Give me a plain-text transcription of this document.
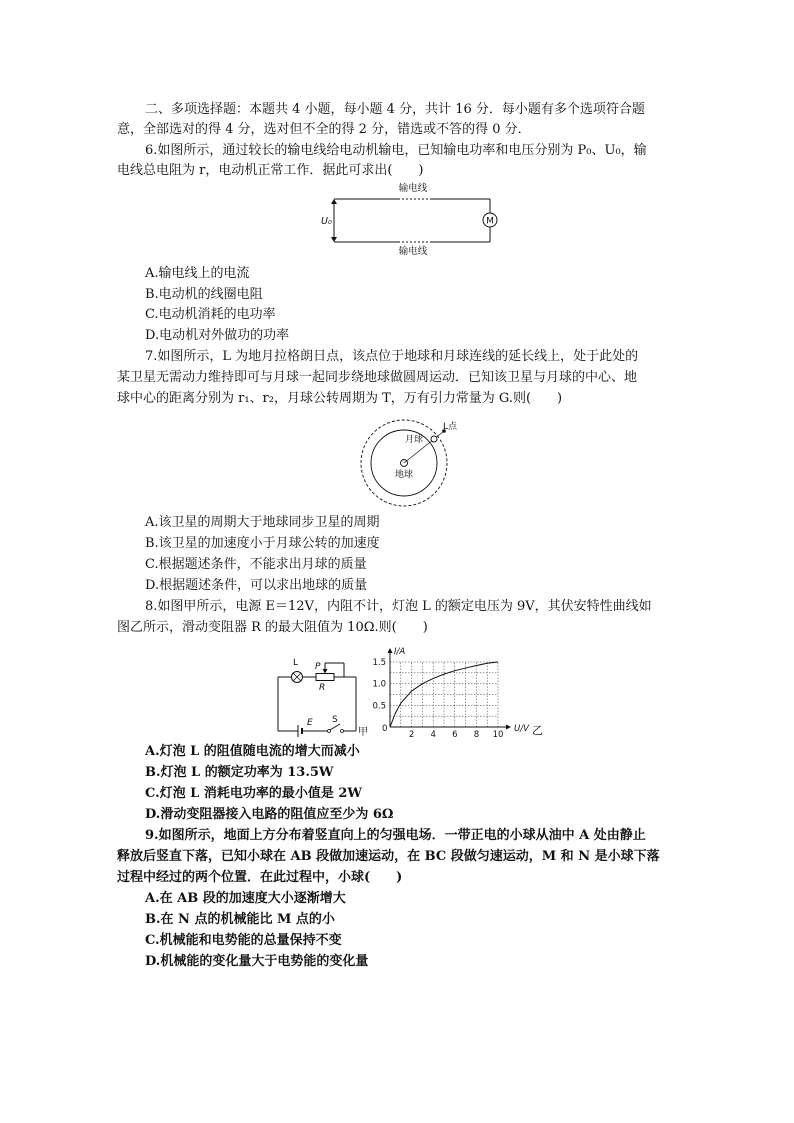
二、多项选择题：本题共 4 小题，每小题 4 分，共计 16 分．每小题有多个选项符合题
意，全部选对的得 4 分，选对但不全的得 2 分，错选或不答的得 0 分．
6.如图所示，通过较长的输电线给电动机输电，已知输电功率和电压分别为 P₀、U₀，输
电线总电阻为 r，电动机正常工作．据此可求出(　　)
输电线
M
U₀
输电线
A.输电线上的电流
B.电动机的线圈电阻
C.电动机消耗的电功率
D.电动机对外做功的功率
7.如图所示，L 为地月拉格朗日点，该点位于地球和月球连线的延长线上，处于此处的
某卫星无需动力维持即可与月球一起同步绕地球做圆周运动．已知该卫星与月球的中心、地
球中心的距离分别为 r₁、r₂，月球公转周期为 T，万有引力常量为 G.则(　　)
月球
L点
地球
A.该卫星的周期大于地球同步卫星的周期
B.该卫星的加速度小于月球公转的加速度
C.根据题述条件，不能求出月球的质量
D.根据题述条件，可以求出地球的质量
8.如图甲所示，电源 E＝12V，内阻不计，灯泡 L 的额定电压为 9V，其伏安特性曲线如
图乙所示，滑动变阻器 R 的最大阻值为 10Ω.则(　　)
L
R
P
E S
甲	2 4 6 8 10
0.5
1.0
1.5
I/A
U/V
0	乙
A.灯泡 L 的阻值随电流的增大而减小
B.灯泡 L 的额定功率为 13.5W
C.灯泡 L 消耗电功率的最小值是 2W
D.滑动变阻器接入电路的阻值应至少为 6Ω
9.如图所示，地面上方分布着竖直向上的匀强电场．一带正电的小球从油中 A 处由静止
释放后竖直下落，已知小球在 AB 段做加速运动，在 BC 段做匀速运动，M 和 N 是小球下落
过程中经过的两个位置．在此过程中，小球(　　)
A.在 AB 段的加速度大小逐渐增大
B.在 N 点的机械能比 M 点的小
C.机械能和电势能的总量保持不变
D.机械能的变化量大于电势能的变化量
